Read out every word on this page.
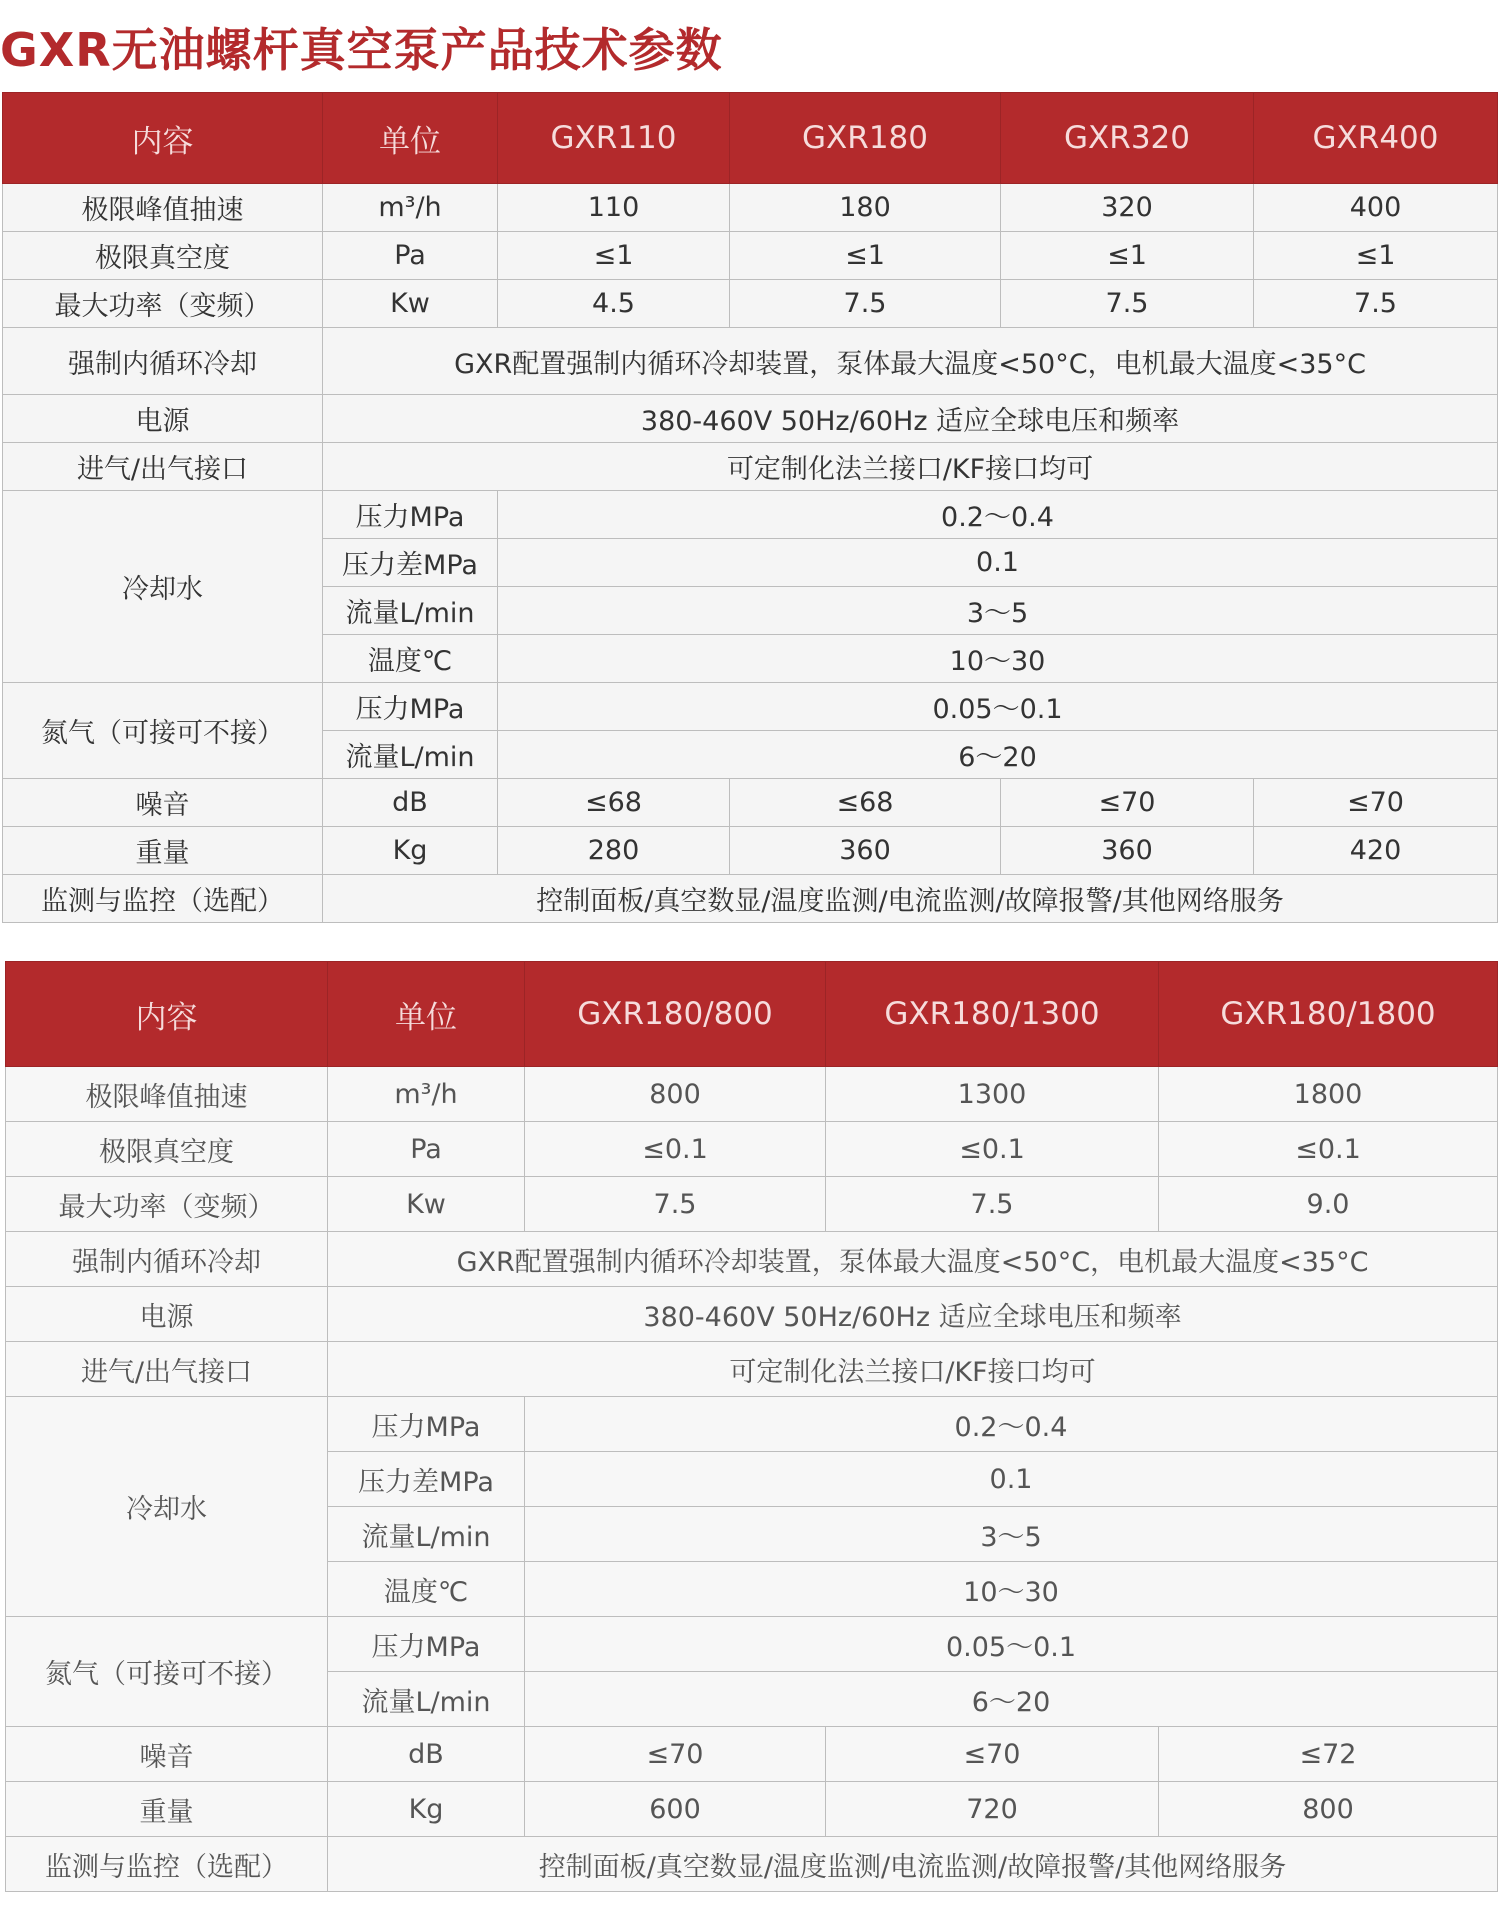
GXR无油螺杆真空泵产品技术参数
内容	单位	GXR110	GXR180	GXR320	GXR400
极限峰值抽速	m³/h	110	180	320	400
极限真空度	Pa	≤1	≤1	≤1	≤1
最大功率（变频）	Kw	4.5	7.5	7.5	7.5
强制内循环冷却	GXR配置强制内循环冷却装置，泵体最大温度<50°C，电机最大温度<35°C				
电源	380-460V 50Hz/60Hz 适应全球电压和频率				
进气/出气接口	可定制化法兰接口/KF接口均可				
冷却水	压力MPa	0.2～0.4			
	压力差MPa	0.1			
	流量L/min	3～5			
	温度℃	10～30			
氮气（可接可不接）	压力MPa	0.05～0.1			
	流量L/min	6～20			
噪音	dB	≤68	≤68	≤70	≤70
重量	Kg	280	360	360	420
监测与监控（选配）	控制面板/真空数显/温度监测/电流监测/故障报警/其他网络服务				
内容	单位	GXR180/800	GXR180/1300	GXR180/1800
极限峰值抽速	m³/h	800	1300	1800
极限真空度	Pa	≤0.1	≤0.1	≤0.1
最大功率（变频）	Kw	7.5	7.5	9.0
强制内循环冷却	GXR配置强制内循环冷却装置，泵体最大温度<50°C，电机最大温度<35°C			
电源	380-460V 50Hz/60Hz 适应全球电压和频率			
进气/出气接口	可定制化法兰接口/KF接口均可			
冷却水	压力MPa	0.2～0.4		
	压力差MPa	0.1		
	流量L/min	3～5		
	温度℃	10～30		
氮气（可接可不接）	压力MPa	0.05～0.1		
	流量L/min	6～20		
噪音	dB	≤70	≤70	≤72
重量	Kg	600	720	800
监测与监控（选配）	控制面板/真空数显/温度监测/电流监测/故障报警/其他网络服务			
